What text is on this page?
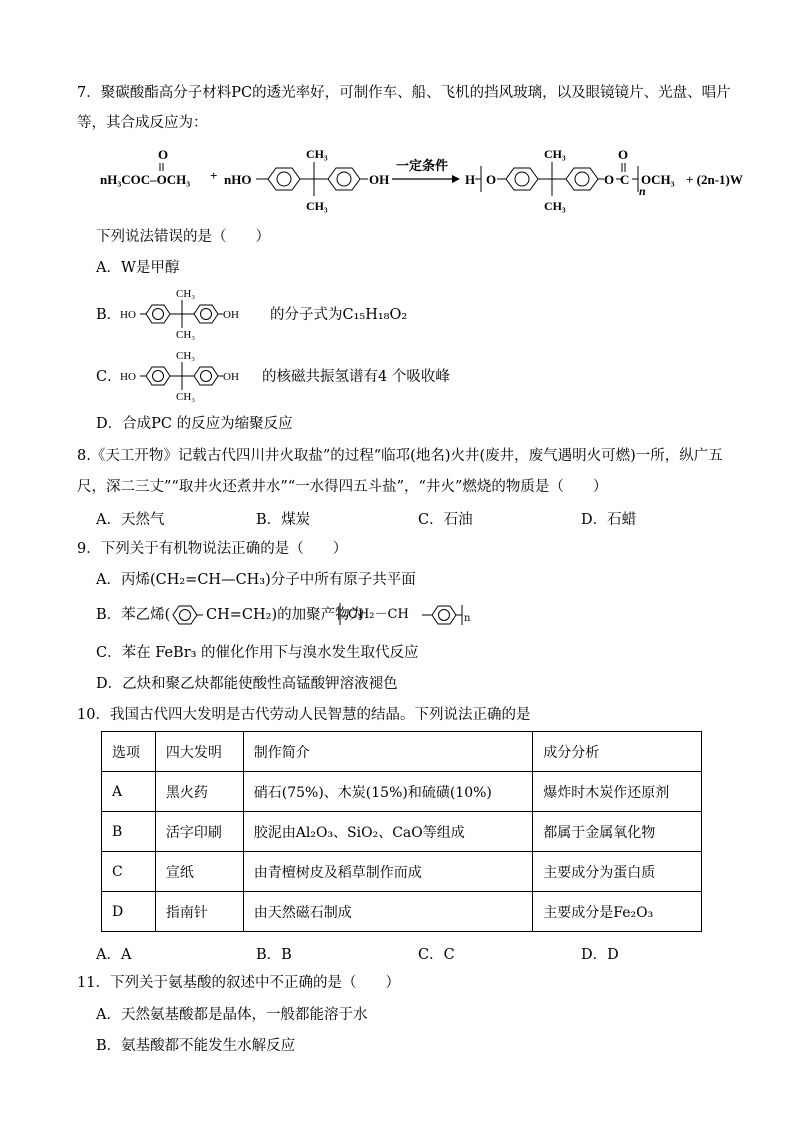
7．聚碳酸酯高分子材料PC的透光率好，可制作车、船、飞机的挡风玻璃，以及眼镜镜片、光盘、唱片
等，其合成反应为：
O
nH₃COC–OCH₃ + nHO
CH₃
CH₃
OH
一定条件
H O
CH₃
CH₃
O C
O
n
OCH₃ + (2n-1)W
下列说法错误的是（　　）
A．W是甲醇
B．
HO
CH₃
CH₃
OH 的分子式为C₁₅H₁₈O₂
C．
HO
CH₃
CH₃
OH 的核磁共振氢谱有4 个吸收峰
D．合成PC 的反应为缩聚反应
8.《天工开物》记载古代四川井火取盐”的过程“临邛(地名)火井(废井，废气遇明火可燃)一所，纵广五
尺，深二三丈”“取井火还煮井水”“一水得四五斗盐”，“井火”燃烧的物质是（　　）
A．天然气	B．煤炭	C．石油	D．石蜡
9．下列关于有机物说法正确的是（　　）
A．丙烯(CH₂=CH—CH₃)分子中所有原子共平面
B．苯乙烯( CH=CH₂)的加聚产物为
CH₂－CH	n
C．苯在 FeBr₃ 的催化作用下与溴水发生取代反应
D．乙炔和聚乙炔都能使酸性高锰酸钾溶液褪色
10．我国古代四大发明是古代劳动人民智慧的结晶。下列说法正确的是
选项	四大发明	制作简介	成分分析
A	黑火药	硝石(75%)、木炭(15%)和硫磺(10%)	爆炸时木炭作还原剂
B	活字印刷	胶泥由Al₂O₃、SiO₂、CaO等组成	都属于金属氧化物
C	宣纸	由青檀树皮及稻草制作而成	主要成分为蛋白质
D	指南针	由天然磁石制成	主要成分是Fe₂O₃
A．A	B．B	C．C	D．D
11．下列关于氨基酸的叙述中不正确的是（　　）
A．天然氨基酸都是晶体，一般都能溶于水
B．氨基酸都不能发生水解反应
